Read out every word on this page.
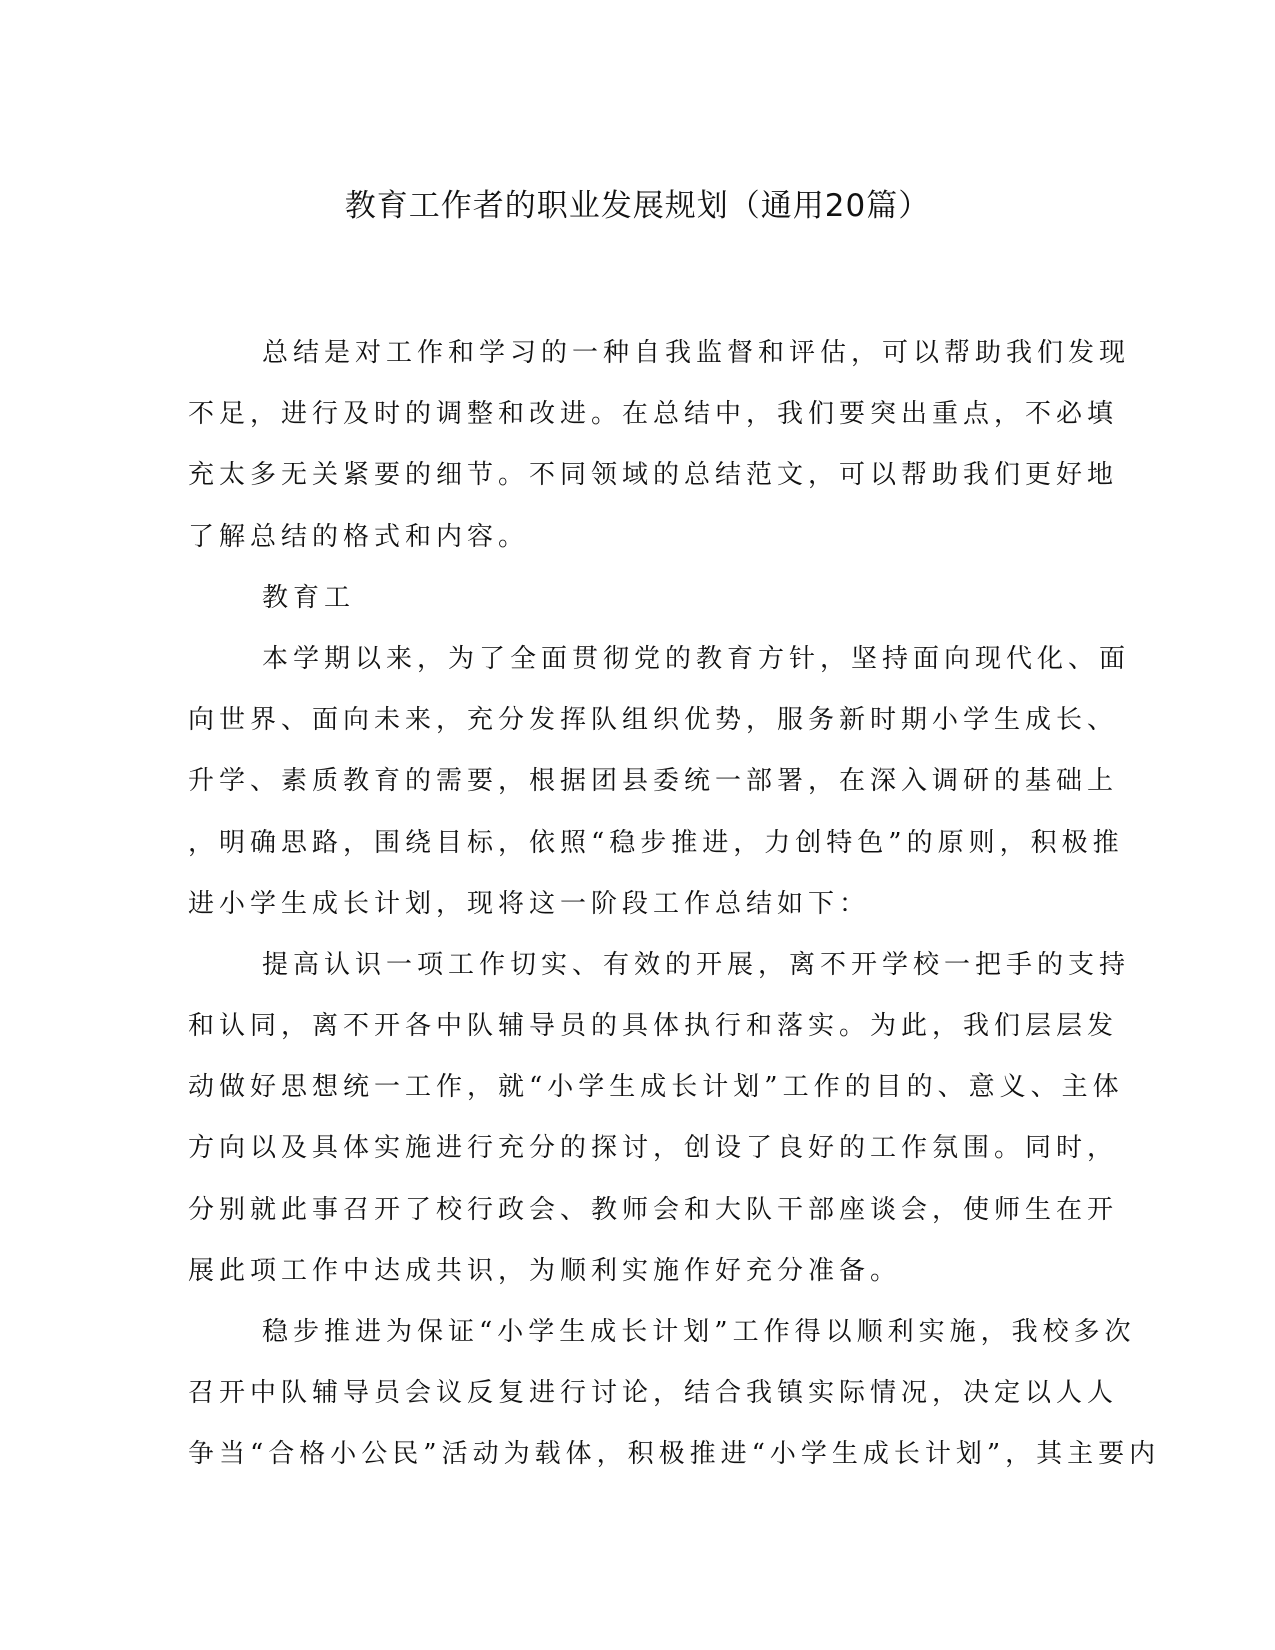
教育工作者的职业发展规划（通用20篇）
总结是对工作和学习的一种自我监督和评估，可以帮助我们发现
不足，进行及时的调整和改进。在总结中，我们要突出重点，不必填
充太多无关紧要的细节。不同领域的总结范文，可以帮助我们更好地
了解总结的格式和内容。
教育工
本学期以来，为了全面贯彻党的教育方针，坚持面向现代化、面
向世界、面向未来，充分发挥队组织优势，服务新时期小学生成长、
升学、素质教育的需要，根据团县委统一部署，在深入调研的基础上
，明确思路，围绕目标，依照“稳步推进，力创特色”的原则，积极推
进小学生成长计划，现将这一阶段工作总结如下：
提高认识一项工作切实、有效的开展，离不开学校一把手的支持
和认同，离不开各中队辅导员的具体执行和落实。为此，我们层层发
动做好思想统一工作，就“小学生成长计划”工作的目的、意义、主体
方向以及具体实施进行充分的探讨，创设了良好的工作氛围。同时，
分别就此事召开了校行政会、教师会和大队干部座谈会，使师生在开
展此项工作中达成共识，为顺利实施作好充分准备。
稳步推进为保证“小学生成长计划”工作得以顺利实施，我校多次
召开中队辅导员会议反复进行讨论，结合我镇实际情况，决定以人人
争当“合格小公民”活动为载体，积极推进“小学生成长计划”，其主要内
